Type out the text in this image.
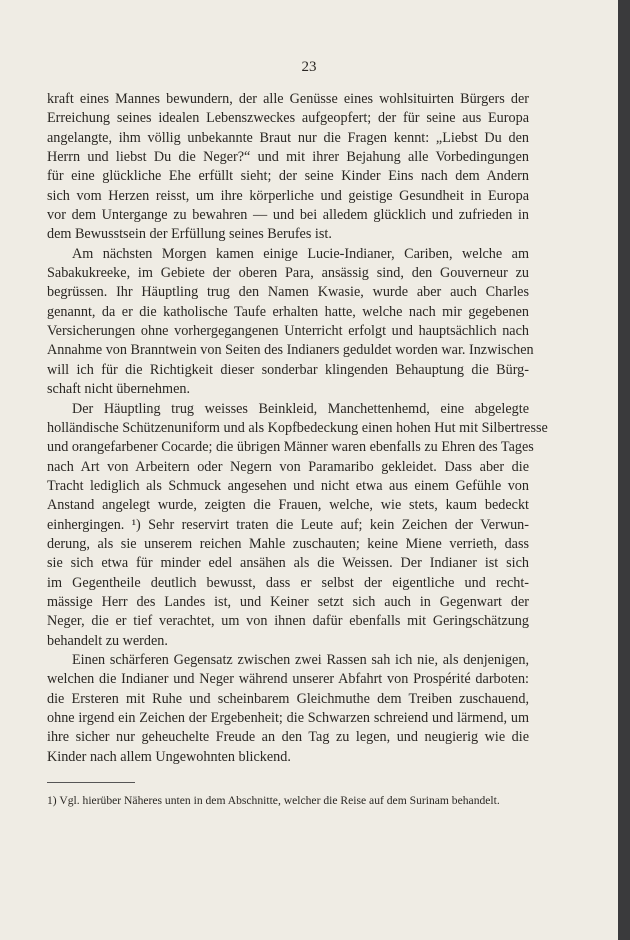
23
kraft eines Mannes bewundern, der alle Genüsse eines wohlsituirten Bürgers der
Erreichung seines idealen Lebenszweckes aufgeopfert; der für seine aus Europa
angelangte, ihm völlig unbekannte Braut nur die Fragen kennt: „Liebst Du den
Herrn und liebst Du die Neger?“ und mit ihrer Bejahung alle Vorbedingungen
für eine glückliche Ehe erfüllt sieht; der seine Kinder Eins nach dem Andern
sich vom Herzen reisst, um ihre körperliche und geistige Gesundheit in Europa
vor dem Untergange zu bewahren — und bei alledem glücklich und zufrieden in
dem Bewusstsein der Erfüllung seines Berufes ist.
Am nächsten Morgen kamen einige Lucie-Indianer, Cariben, welche am
Sabakukreeke, im Gebiete der oberen Para, ansässig sind, den Gouverneur zu
begrüssen. Ihr Häuptling trug den Namen Kwasie, wurde aber auch Charles
genannt, da er die katholische Taufe erhalten hatte, welche nach mir gegebenen
Versicherungen ohne vorhergegangenen Unterricht erfolgt und hauptsächlich nach
Annahme von Branntwein von Seiten des Indianers geduldet worden war. Inzwischen
will ich für die Richtigkeit dieser sonderbar klingenden Behauptung die Bürg-
schaft nicht übernehmen.
Der Häuptling trug weisses Beinkleid, Manchettenhemd, eine abgelegte
holländische Schützenuniform und als Kopfbedeckung einen hohen Hut mit Silbertresse
und orangefarbener Cocarde; die übrigen Männer waren ebenfalls zu Ehren des Tages
nach Art von Arbeitern oder Negern von Paramaribo gekleidet. Dass aber die
Tracht lediglich als Schmuck angesehen und nicht etwa aus einem Gefühle von
Anstand angelegt wurde, zeigten die Frauen, welche, wie stets, kaum bedeckt
einhergingen. ¹) Sehr reservirt traten die Leute auf; kein Zeichen der Verwun-
derung, als sie unserem reichen Mahle zuschauten; keine Miene verrieth, dass
sie sich etwa für minder edel ansähen als die Weissen. Der Indianer ist sich
im Gegentheile deutlich bewusst, dass er selbst der eigentliche und recht-
mässige Herr des Landes ist, und Keiner setzt sich auch in Gegenwart der
Neger, die er tief verachtet, um von ihnen dafür ebenfalls mit Geringschätzung
behandelt zu werden.
Einen schärferen Gegensatz zwischen zwei Rassen sah ich nie, als denjenigen,
welchen die Indianer und Neger während unserer Abfahrt von Prospérité darboten:
die Ersteren mit Ruhe und scheinbarem Gleichmuthe dem Treiben zuschauend,
ohne irgend ein Zeichen der Ergebenheit; die Schwarzen schreiend und lärmend, um
ihre sicher nur geheuchelte Freude an den Tag zu legen, und neugierig wie die
Kinder nach allem Ungewohnten blickend.
1) Vgl. hierüber Näheres unten in dem Abschnitte, welcher die Reise auf dem Surinam behandelt.
